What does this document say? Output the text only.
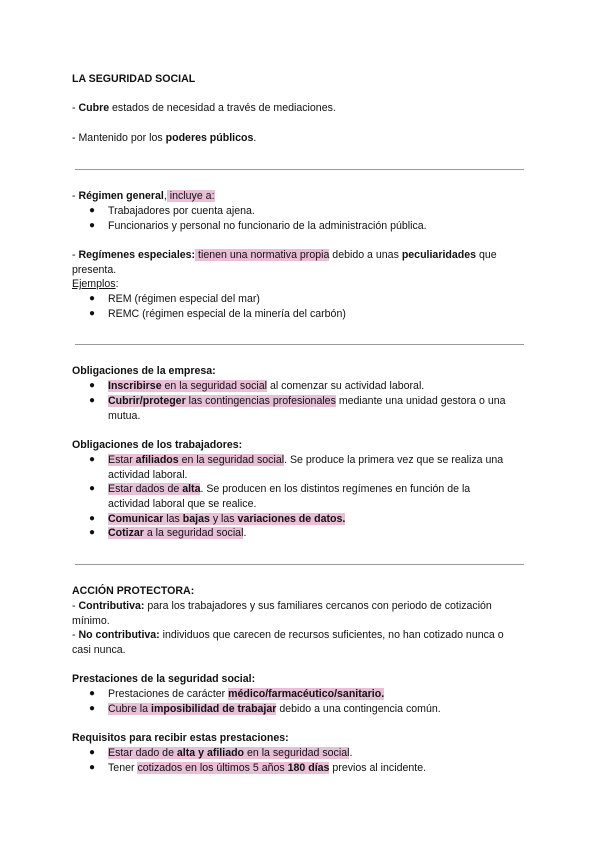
LA SEGURIDAD SOCIAL
- Cubre estados de necesidad a través de mediaciones.
- Mantenido por los poderes públicos.
- Régimen general, incluye a:
● Trabajadores por cuenta ajena.
● Funcionarios y personal no funcionario de la administración pública.
- Regímenes especiales: tienen una normativa propia debido a unas peculiaridades que
presenta.
Ejemplos:
● REM (régimen especial del mar)
● REMC (régimen especial de la minería del carbón)
Obligaciones de la empresa:
● Inscribirse en la seguridad social al comenzar su actividad laboral.
● Cubrir/proteger las contingencias profesionales mediante una unidad gestora o una
mutua.
Obligaciones de los trabajadores:
● Estar afiliados en la seguridad social. Se produce la primera vez que se realiza una
actividad laboral.
● Estar dados de alta. Se producen en los distintos regímenes en función de la
actividad laboral que se realice.
● Comunicar las bajas y las variaciones de datos.
● Cotizar a la seguridad social.
ACCIÓN PROTECTORA:
- Contributiva: para los trabajadores y sus familiares cercanos con periodo de cotización
mínimo.
- No contributiva: individuos que carecen de recursos suficientes, no han cotizado nunca o
casi nunca.
Prestaciones de la seguridad social:
● Prestaciones de carácter médico/farmacéutico/sanitario.
● Cubre la imposibilidad de trabajar debido a una contingencia común.
Requisitos para recibir estas prestaciones:
● Estar dado de alta y afiliado en la seguridad social.
● Tener cotizados en los últimos 5 años 180 días previos al incidente.
